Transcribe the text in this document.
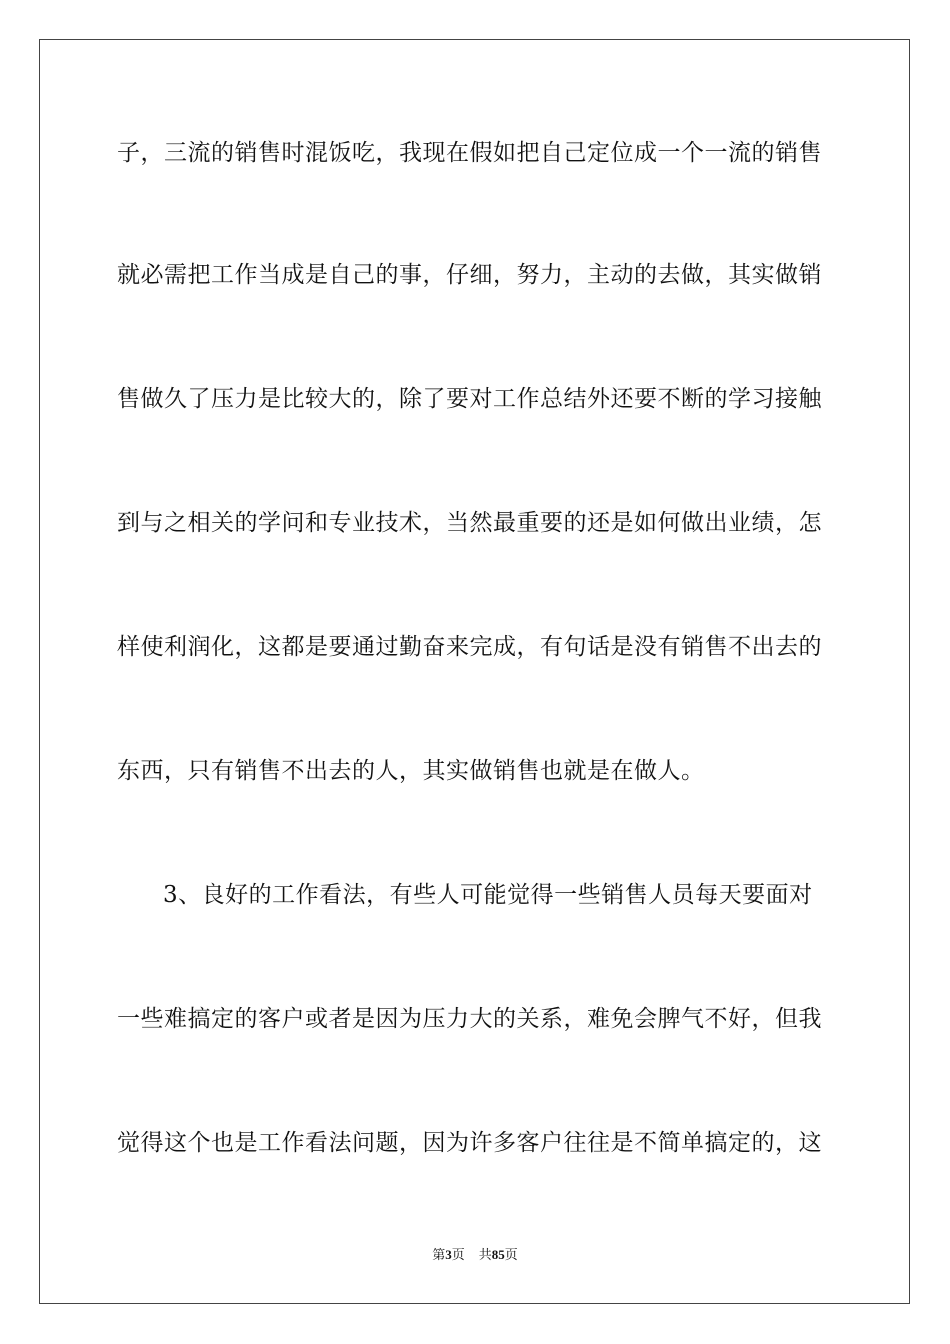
子，三流的销售时混饭吃，我现在假如把自己定位成一个一流的销售
就必需把工作当成是自己的事，仔细，努力，主动的去做，其实做销
售做久了压力是比较大的，除了要对工作总结外还要不断的学习接触
到与之相关的学问和专业技术，当然最重要的还是如何做出业绩，怎
样使利润化，这都是要通过勤奋来完成，有句话是没有销售不出去的
东西，只有销售不出去的人，其实做销售也就是在做人。
3、良好的工作看法，有些人可能觉得一些销售人员每天要面对
一些难搞定的客户或者是因为压力大的关系，难免会脾气不好，但我
觉得这个也是工作看法问题，因为许多客户往往是不简单搞定的，这
第3页 共85页
